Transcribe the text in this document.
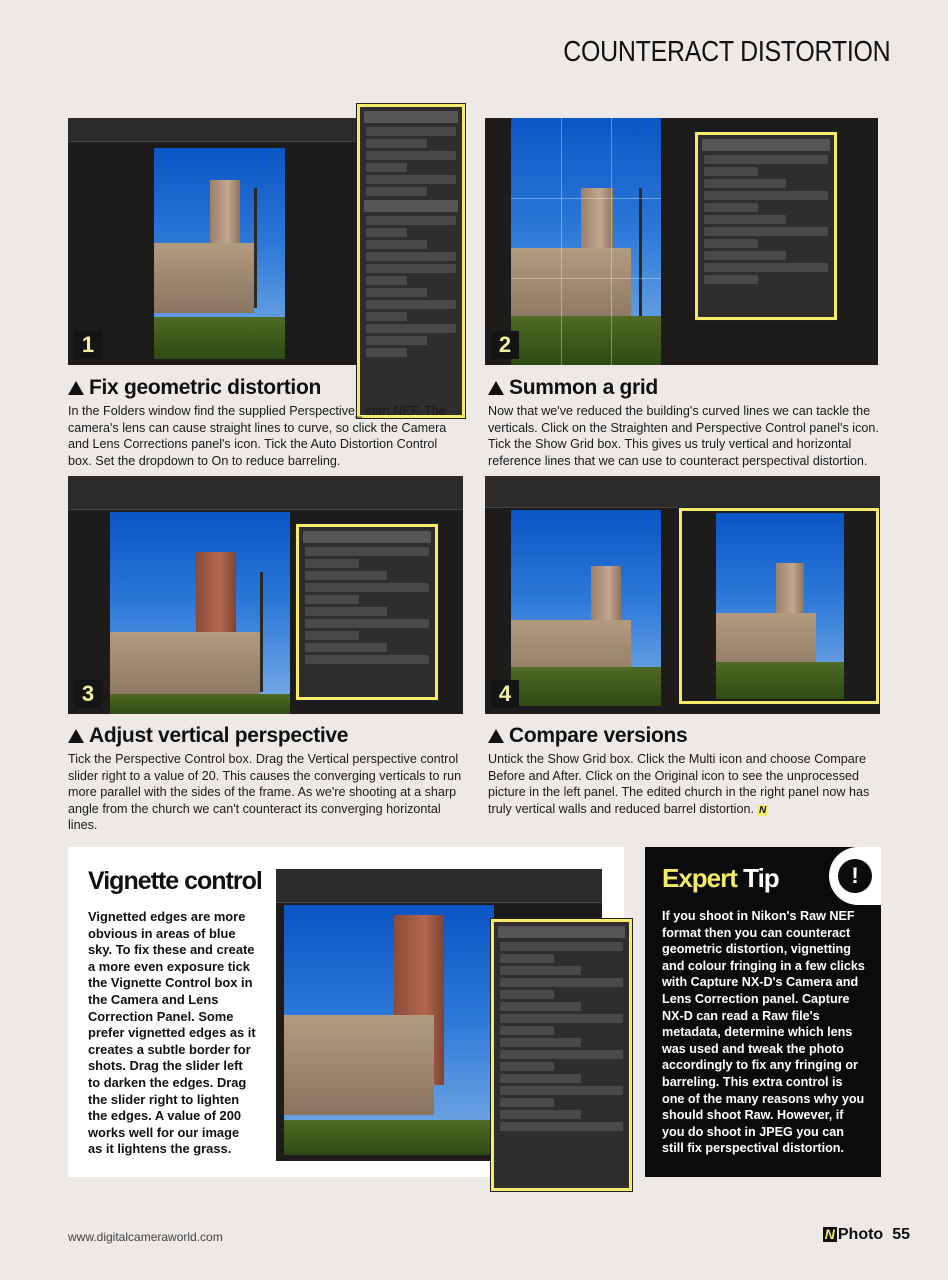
COUNTERACT DISTORTION
1	2
Fix geometric distortion

In the Folders window find the supplied Perspective_ start.NEF. The camera's lens can cause straight lines to curve, so click the Camera and Lens Corrections panel's icon. Tick the Auto Distortion Control box. Set the dropdown to On to reduce barreling.

Summon a grid

Now that we've reduced the building's curved lines we can tackle the verticals. Click on the Straighten and Perspective Control panel's icon. Tick the Show Grid box. This gives us truly vertical and horizontal reference lines that we can use to counteract perspectival distortion.

3	4
Adjust vertical perspective

Tick the Perspective Control box. Drag the Vertical perspective control slider right to a value of 20. This causes the converging verticals to run more parallel with the sides of the frame. As we're shooting at a sharp angle from the church we can't counteract its converging horizontal lines.

Compare versions

Untick the Show Grid box. Click the Multi icon and choose Compare Before and After. Click on the Original icon to see the unprocessed picture in the left panel. The edited church in the right panel now has truly vertical walls and reduced barrel distortion. N

Vignette control
Vignetted edges are more obvious in areas of blue sky. To fix these and create a more even exposure tick the Vignette Control box in the Camera and Lens Correction Panel. Some prefer vignetted edges as it creates a subtle border for shots. Drag the slider left to darken the edges. Drag the slider right to lighten the edges. A value of 200 works well for our image as it lightens the grass.
Expert Tip	!
If you shoot in Nikon's Raw NEF format then you can counteract geometric distortion, vignetting and colour fringing in a few clicks with Capture NX-D's Camera and Lens Correction panel. Capture NX-D can read a Raw file's metadata, determine which lens was used and tweak the photo accordingly to fix any fringing or barreling. This extra control is one of the many reasons why you should shoot Raw. However, if you do shoot in JPEG you can still fix perspectival distortion.
www.digitalcameraworld.com	N Photo 55
